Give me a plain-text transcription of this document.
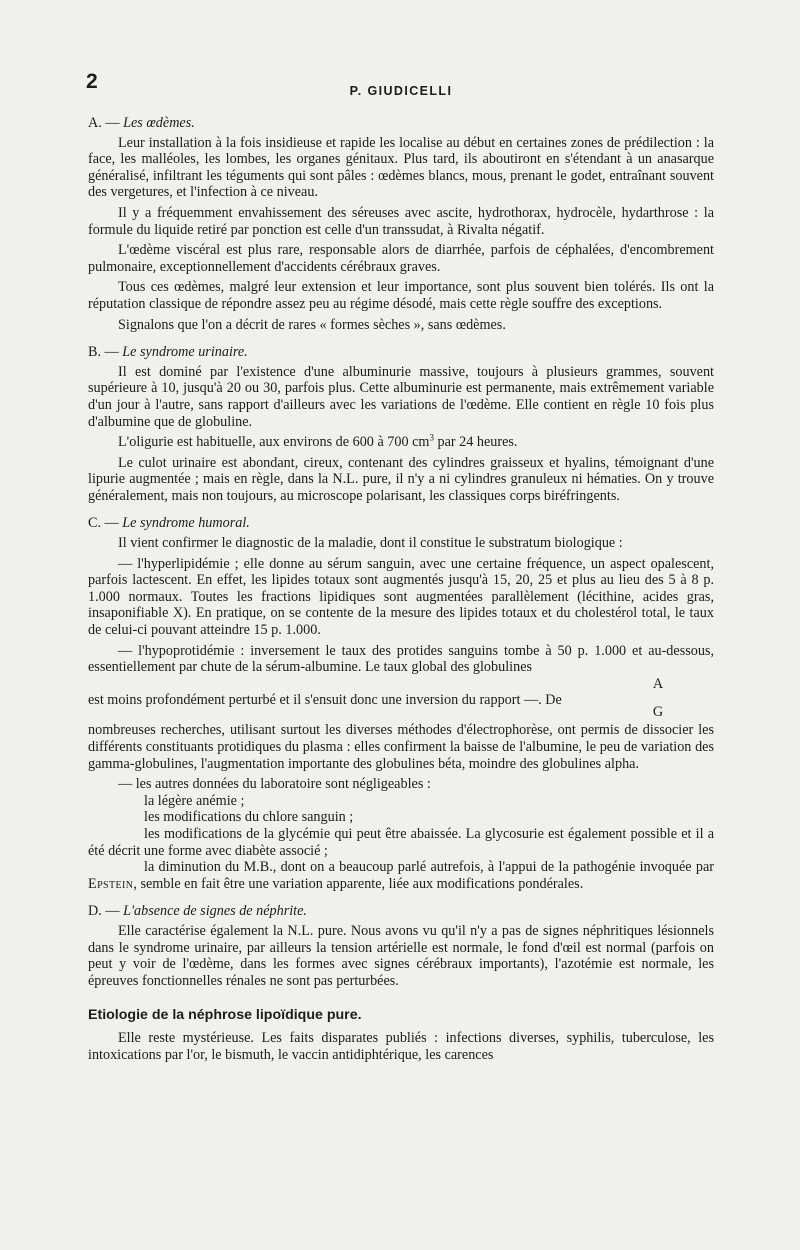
2	P. GIUDICELLI
A. — Les œdèmes.

Leur installation à la fois insidieuse et rapide les localise au début en certaines zones de prédilection : la face, les malléoles, les lombes, les organes génitaux. Plus tard, ils aboutiront en s'étendant à un anasarque généralisé, infiltrant les téguments qui sont pâles : œdèmes blancs, mous, prenant le godet, entraînant souvent des vergetures, et l'infection à ce niveau.

Il y a fréquemment envahissement des séreuses avec ascite, hydrothorax, hydrocèle, hydarthrose : la formule du liquide retiré par ponction est celle d'un transsudat, à Rivalta négatif.

L'œdème viscéral est plus rare, responsable alors de diarrhée, parfois de céphalées, d'encombrement pulmonaire, exceptionnellement d'accidents cérébraux graves.

Tous ces œdèmes, malgré leur extension et leur importance, sont plus souvent bien tolérés. Ils ont la réputation classique de répondre assez peu au régime désodé, mais cette règle souffre des exceptions.

Signalons que l'on a décrit de rares « formes sèches », sans œdèmes.

B. — Le syndrome urinaire.

Il est dominé par l'existence d'une albuminurie massive, toujours à plusieurs grammes, souvent supérieure à 10, jusqu'à 20 ou 30, parfois plus. Cette albuminurie est permanente, mais extrêmement variable d'un jour à l'autre, sans rapport d'ailleurs avec les variations de l'œdème. Elle contient en règle 10 fois plus d'albumine que de globuline.

L'oligurie est habituelle, aux environs de 600 à 700 $cm^3$ par 24 heures.

Le culot urinaire est abondant, cireux, contenant des cylindres graisseux et hyalins, témoignant d'une lipurie augmentée ; mais en règle, dans la N.L. pure, il n'y a ni cylindres granuleux ni hématies. On y trouve généralement, mais non toujours, au microscope polarisant, les classiques corps biréfringents.

C. — Le syndrome humoral.

Il vient confirmer le diagnostic de la maladie, dont il constitue le substratum biologique :

— l'hyperlipidémie ; elle donne au sérum sanguin, avec une certaine fréquence, un aspect opalescent, parfois lactescent. En effet, les lipides totaux sont augmentés jusqu'à 15, 20, 25 et plus au lieu des 5 à 8 p. 1.000 normaux. Toutes les fractions lipidiques sont augmentées parallèlement (lécithine, acides gras, insaponifiable X). En pratique, on se contente de la mesure des lipides totaux et du cholestérol total, le taux de celui-ci pouvant atteindre 15 p. 1.000.

— l'hypoprotidémie : inversement le taux des protides sanguins tombe à 50 p. 1.000 et au-dessous, essentiellement par chute de la sérum-albumine. Le taux global des globulines

A

est moins profondément perturbé et il s'ensuit donc une inversion du rapport —. De

G

nombreuses recherches, utilisant surtout les diverses méthodes d'électrophorèse, ont permis de dissocier les différents constituants protidiques du plasma : elles confirment la baisse de l'albumine, le peu de variation des gamma-globulines, l'augmentation importante des globulines béta, moindre des globulines alpha.

— les autres données du laboratoire sont négligeables :

la légère anémie ;

les modifications du chlore sanguin ;

les modifications de la glycémie qui peut être abaissée. La glycosurie est également possible et il a été décrit une forme avec diabète associé ;

la diminution du M.B., dont on a beaucoup parlé autrefois, à l'appui de la pathogénie invoquée par Epstein, semble en fait être une variation apparente, liée aux modifications pondérales.

D. — L'absence de signes de néphrite.

Elle caractérise également la N.L. pure. Nous avons vu qu'il n'y a pas de signes néphritiques lésionnels dans le syndrome urinaire, par ailleurs la tension artérielle est normale, le fond d'œil est normal (parfois on peut y voir de l'œdème, dans les formes avec signes cérébraux importants), l'azotémie est normale, les épreuves fonctionnelles rénales ne sont pas perturbées.

Etiologie de la néphrose lipoïdique pure.

Elle reste mystérieuse. Les faits disparates publiés : infections diverses, syphilis, tuberculose, les intoxications par l'or, le bismuth, le vaccin antidiphtérique, les carences
